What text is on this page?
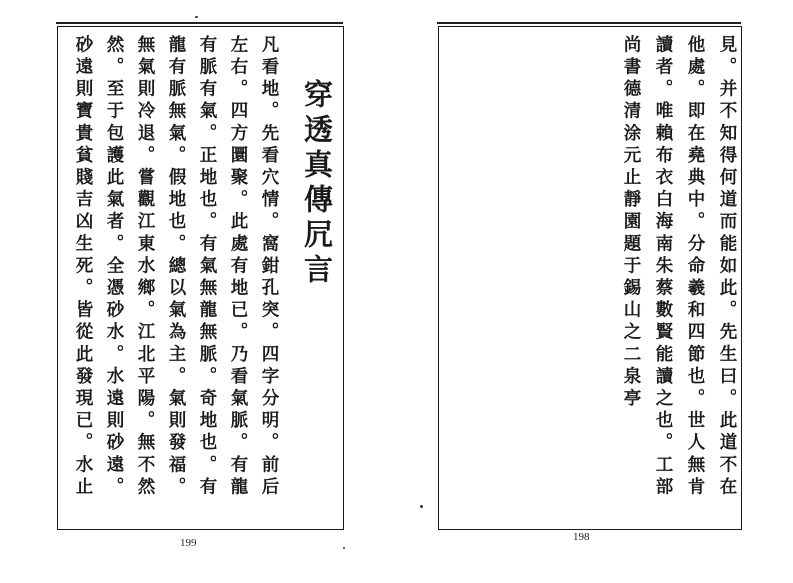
穿透真傳凥言
凡看地。先看穴情。窩鉗孔突。四字分明。前后
左右。四方圜聚。此處有地已。乃看氣脈。有龍
有脈有氣。正地也。有氣無龍無脈。奇地也。有
龍有脈無氣。假地也。總以氣為主。氣則發福。
無氣則冷退。嘗觀江東水鄉。江北平陽。無不然
然。至于包護此氣者。全憑砂水。水遠則砂遠。
砂遠則寶貴貧賤吉凶生死。皆從此發現已。水止
199
見。并不知得何道而能如此。先生曰。此道不在
他處。即在堯典中。分命羲和四節也。世人無肯
讀者。唯賴布衣白海南朱蔡數賢能讀之也。工部
尚書德清涂元止靜園題于錫山之二泉亭
198
